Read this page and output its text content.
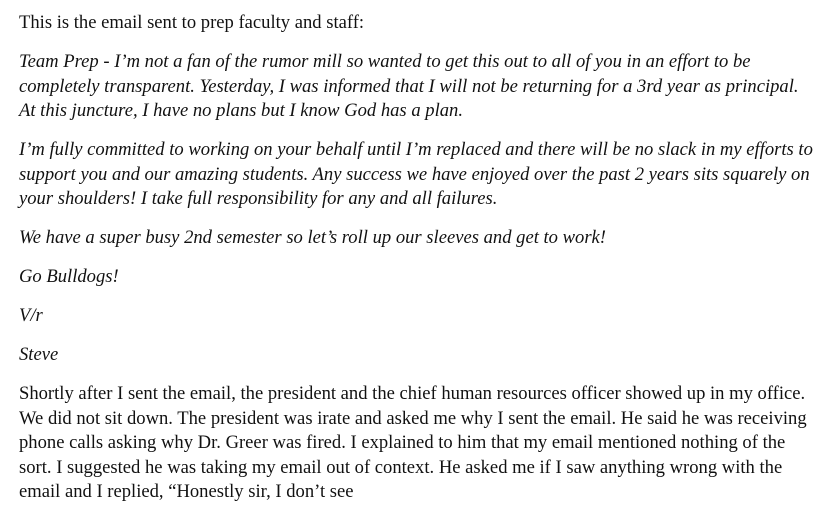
This is the email sent to prep faculty and staff:

Team Prep - I’m not a fan of the rumor mill so wanted to get this out to all of you in an effort to be completely transparent. Yesterday, I was informed that I will not be returning for a 3rd year as principal. At this juncture, I have no plans but I know God has a plan.

I’m fully committed to working on your behalf until I’m replaced and there will be no slack in my efforts to support you and our amazing students. Any success we have enjoyed over the past 2 years sits squarely on your shoulders! I take full responsibility for any and all failures.

We have a super busy 2nd semester so let’s roll up our sleeves and get to work!

Go Bulldogs!

V/r

Steve

Shortly after I sent the email, the president and the chief human resources officer showed up in my office. We did not sit down. The president was irate and asked me why I sent the email. He said he was receiving phone calls asking why Dr. Greer was fired. I explained to him that my email mentioned nothing of the sort. I suggested he was taking my email out of context. He asked me if I saw anything wrong with the email and I replied, “Honestly sir, I don’t see
